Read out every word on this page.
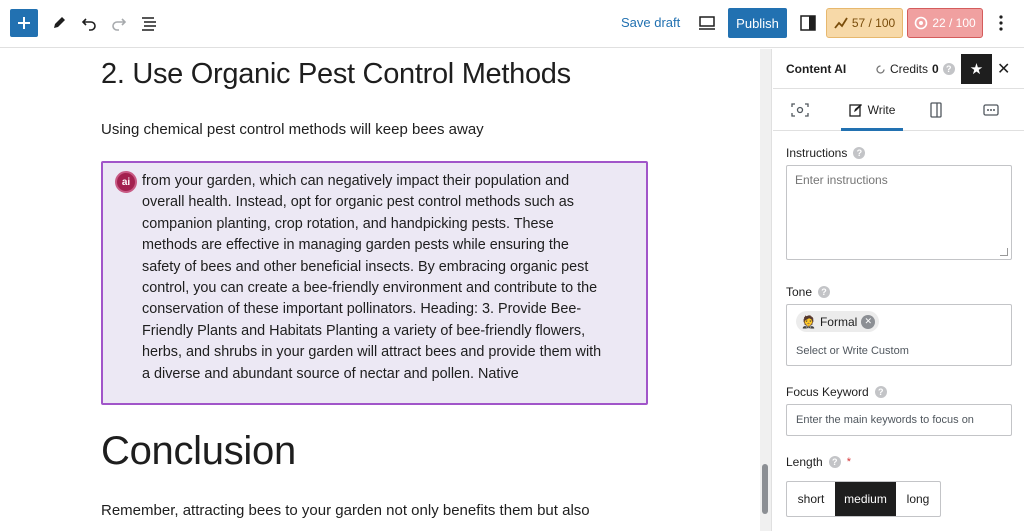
Save draft	Publish	57 / 100	22 / 100
2. Use Organic Pest Control Methods

Using chemical pest control methods will keep bees away

ai from your garden, which can negatively impact their population and
overall health. Instead, opt for organic pest control methods such as
companion planting, crop rotation, and handpicking pests. These
methods are effective in managing garden pests while ensuring the
safety of bees and other beneficial insects. By embracing organic pest
control, you can create a bee-friendly environment and contribute to the
conservation of these important pollinators. Heading: 3. Provide Bee-
Friendly Plants and Habitats Planting a variety of bee-friendly flowers,
herbs, and shrubs in your garden will attract bees and provide them with
a diverse and abundant source of nectar and pollen. Native
Conclusion

Remember, attracting bees to your garden not only benefits them but also

Content AI	Credits 0 ? ★ ✕
Write
Instructions	?
Enter instructions
Tone	?
🤵 Formal ✕
Select or Write Custom
Focus Keyword	?
Enter the main keywords to focus on
Length	? *
short	medium	long
